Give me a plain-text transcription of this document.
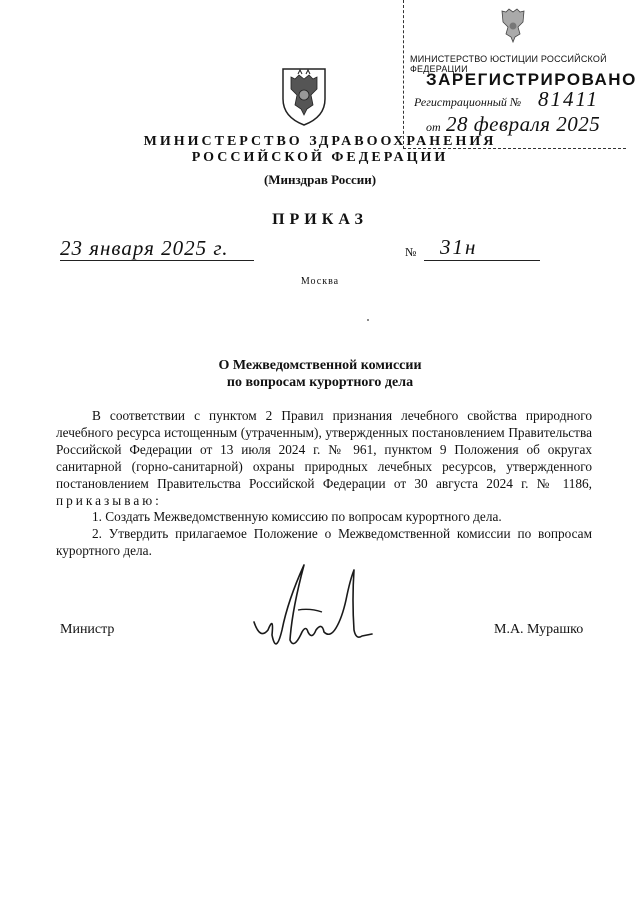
МИНИСТЕРСТВО ЮСТИЦИИ РОССИЙСКОЙ ФЕДЕРАЦИИ
ЗАРЕГИСТРИРОВАНО
Регистрационный № 81411
от 28 февраля 2025
МИНИСТЕРСТВО ЗДРАВООХРАНЕНИЯ
РОССИЙСКОЙ ФЕДЕРАЦИИ
(Минздрав России)
ПРИКАЗ
23 января 2025 г.	№ 31н
Москва
О Межведомственной комиссии
по вопросам курортного дела

В соответствии с пунктом 2 Правил признания лечебного свойства природного лечебного ресурса истощенным (утраченным), утвержденных постановлением Правительства Российской Федерации от 13 июля 2024 г. № 961, пунктом 9 Положения об округах санитарной (горно-санитарной) охраны природных лечебных ресурсов, утвержденного постановлением Правительства Российской Федерации от 30 августа 2024 г. № 1186, приказываю:

1. Создать Межведомственную комиссию по вопросам курортного дела.

2. Утвердить прилагаемое Положение о Межведомственной комиссии по вопросам курортного дела.

Министр	М.А. Мурашко
